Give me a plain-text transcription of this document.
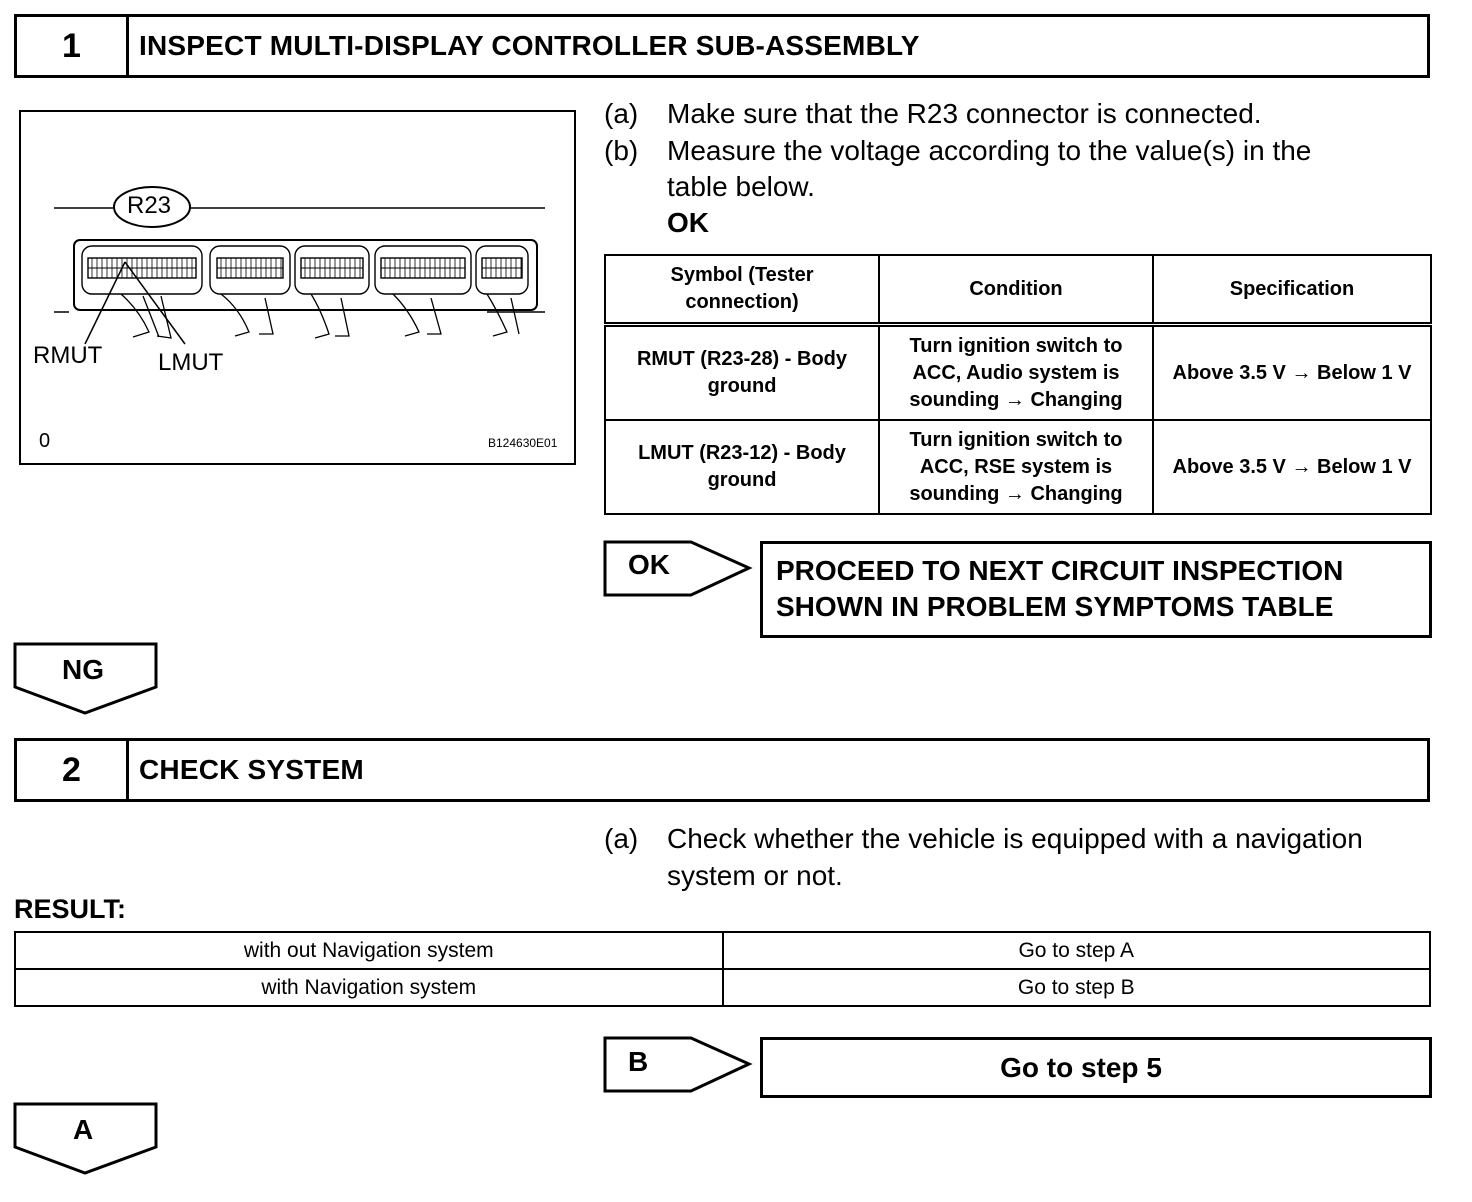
1	INSPECT MULTI-DISPLAY CONTROLLER SUB-ASSEMBLY
R23
RMUT LMUT
0	B124630E01
(a) Make sure that the R23 connector is connected.
(b) Measure the voltage according to the value(s) in the
table below.
OK
Symbol (Tester connection)	Condition	Specification
RMUT (R23-28) - Body ground	Turn ignition switch to ACC, Audio system is sounding → Changing	Above 3.5 V → Below 1 V
LMUT (R23-12) - Body ground	Turn ignition switch to ACC, RSE system is sounding → Changing	Above 3.5 V → Below 1 V
OK	PROCEED TO NEXT CIRCUIT INSPECTION
SHOWN IN PROBLEM SYMPTOMS TABLE
NG
2	CHECK SYSTEM
(a) Check whether the vehicle is equipped with a navigation
system or not.
RESULT:
with out Navigation system	Go to step A
with Navigation system	Go to step B
B	Go to step 5
A
